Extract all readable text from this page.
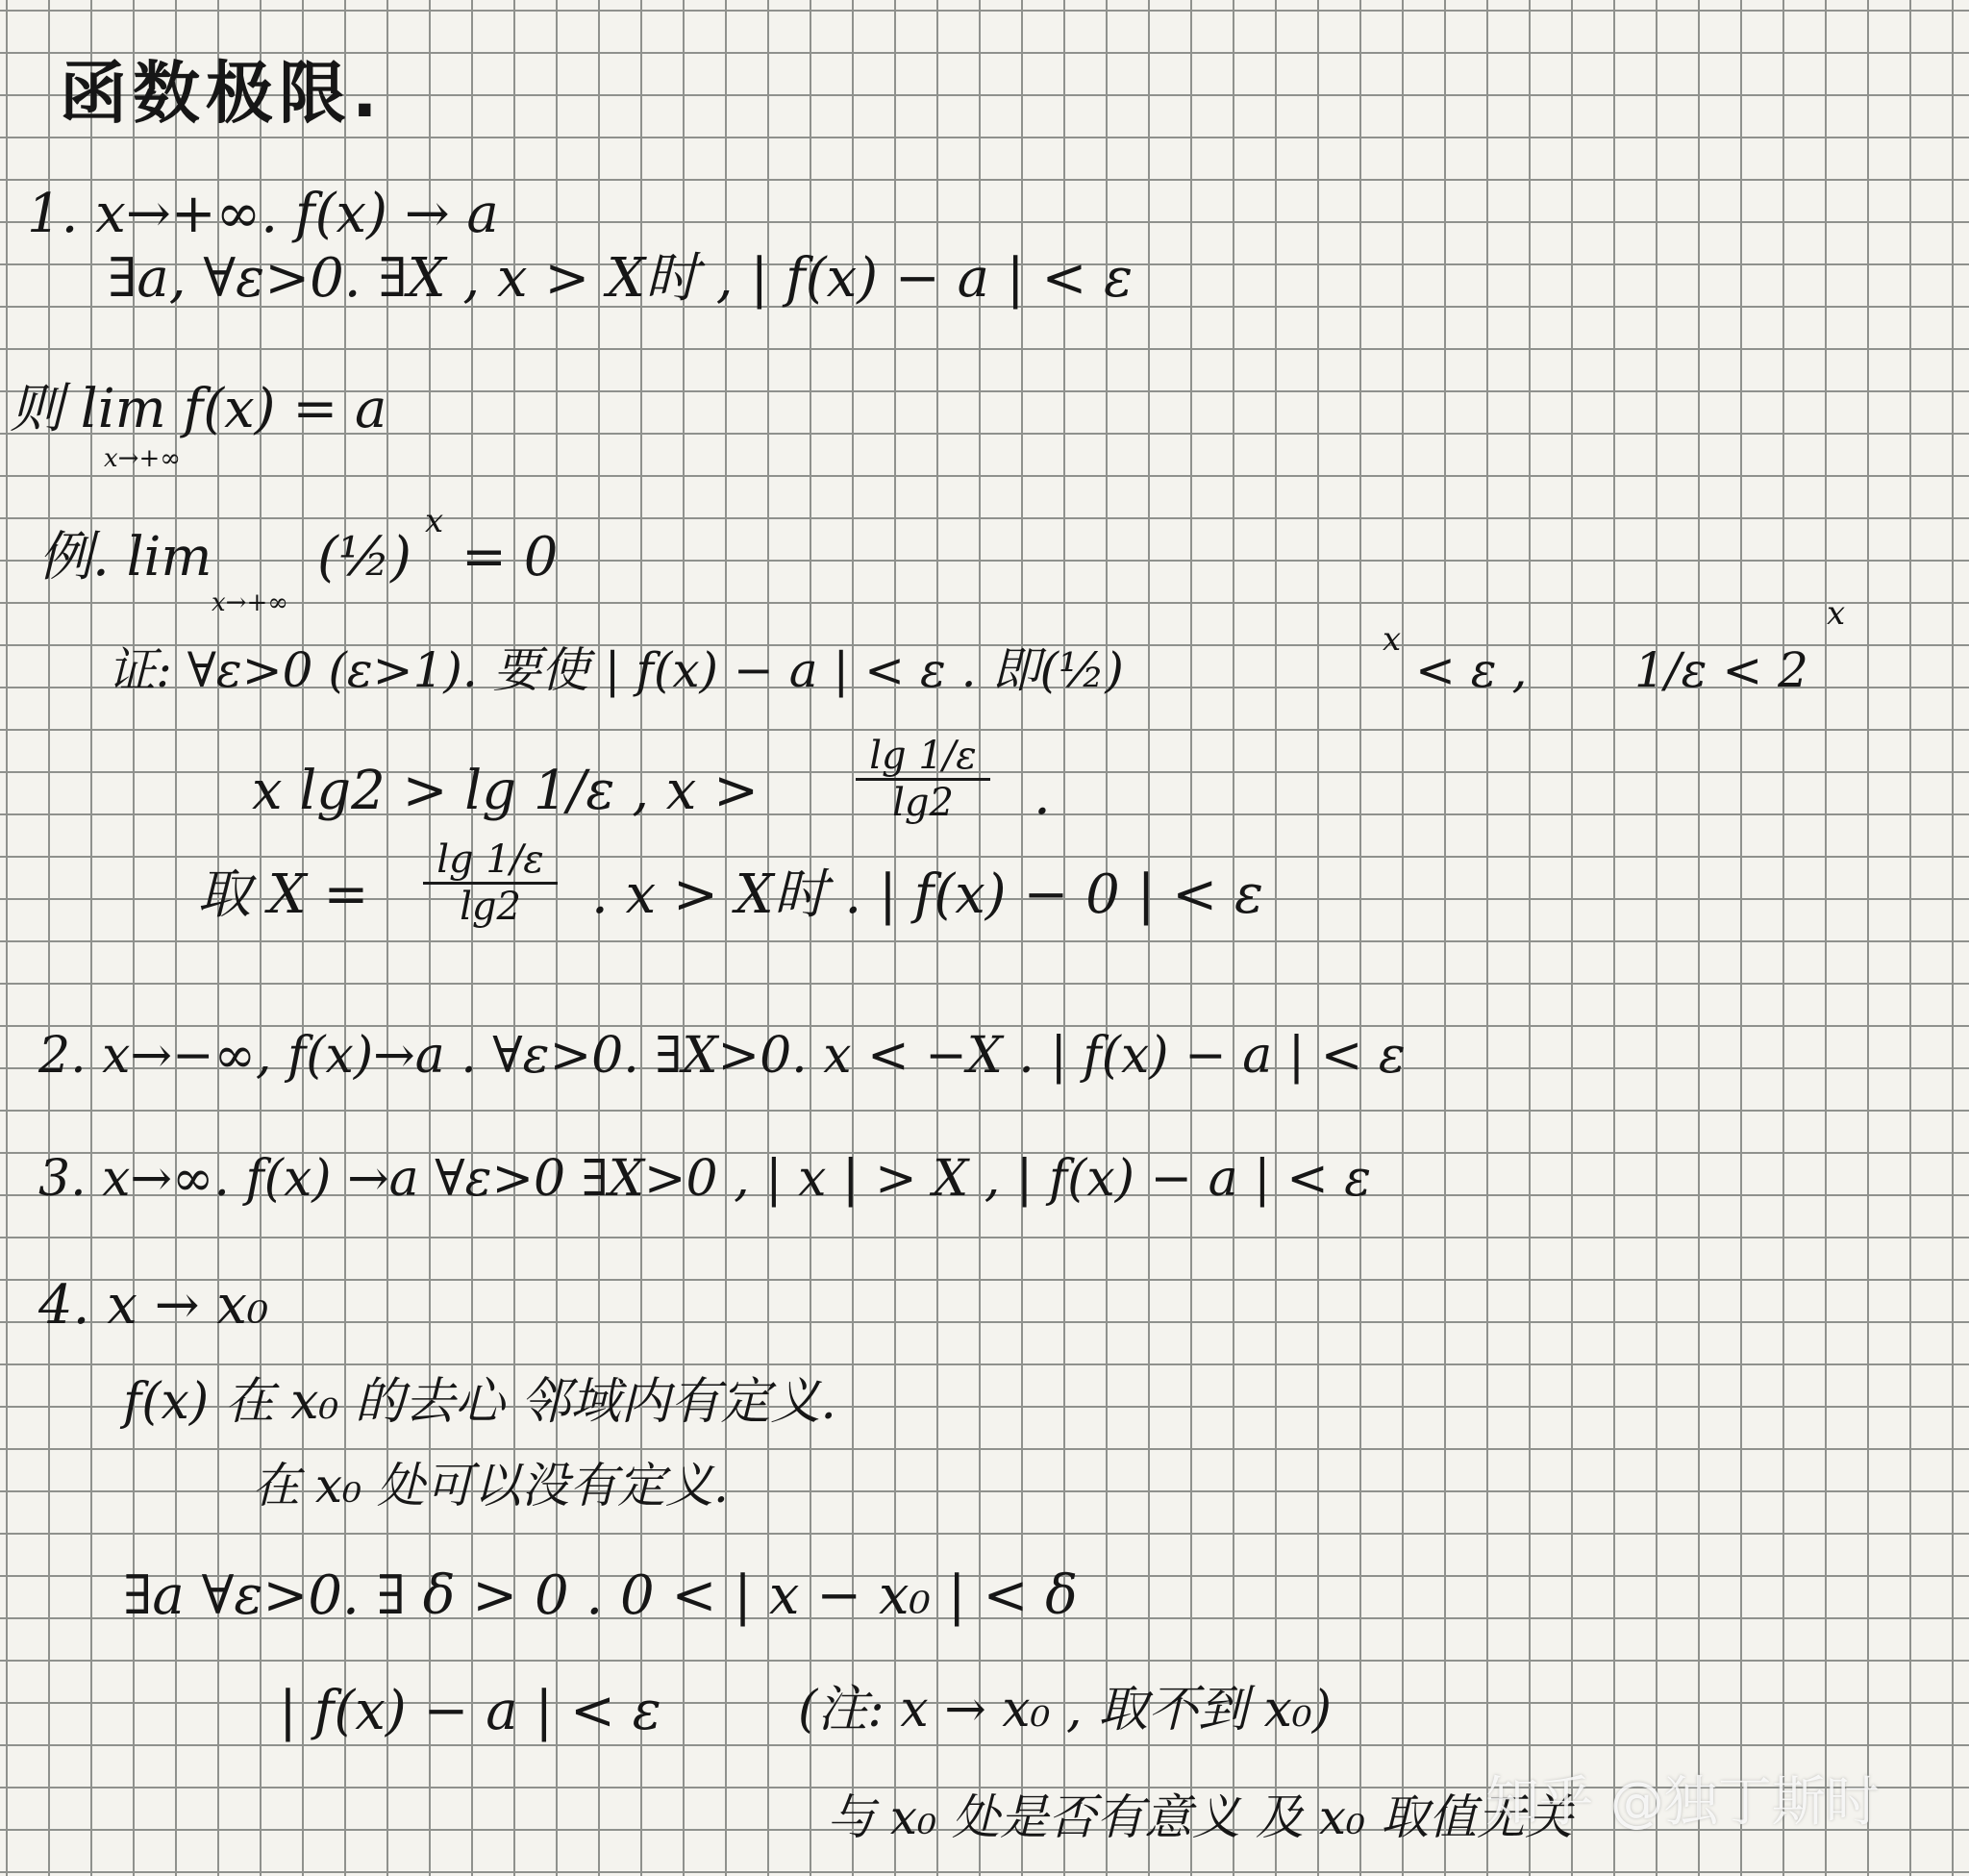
函数极限.
1. x→+∞. f(x) → a
∃a, ∀ε>0. ∃X , x > X时 , | f(x) − a | < ε
则 lim f(x) = a
x→+∞
例. lim
x→+∞
(½)
x
= 0
证: ∀ε>0 (ε>1). 要使 | f(x) − a | < ε . 即(½)
x
< ε , 1/ε < 2
x
x lg2 > lg 1/ε , x >
lg 1/ε
lg2	.
取 X =
lg 1/ε
lg2	. x > X时 . | f(x) − 0 | < ε
2. x→−∞, f(x)→a . ∀ε>0. ∃X>0. x < −X . | f(x) − a | < ε
3. x→∞. f(x) →a ∀ε>0 ∃X>0 , | x | > X , | f(x) − a | < ε
4. x → x₀
f(x) 在 x₀ 的去心 邻域内有定义.
在 x₀ 处可以没有定义.
∃a ∀ε>0. ∃ δ > 0 . 0 < | x − x₀ | < δ
| f(x) − a | < ε	(注: x → x₀ , 取不到 x₀)
与 x₀ 处是否有意义 及 x₀ 取值无关
知乎 @独丁斯时
